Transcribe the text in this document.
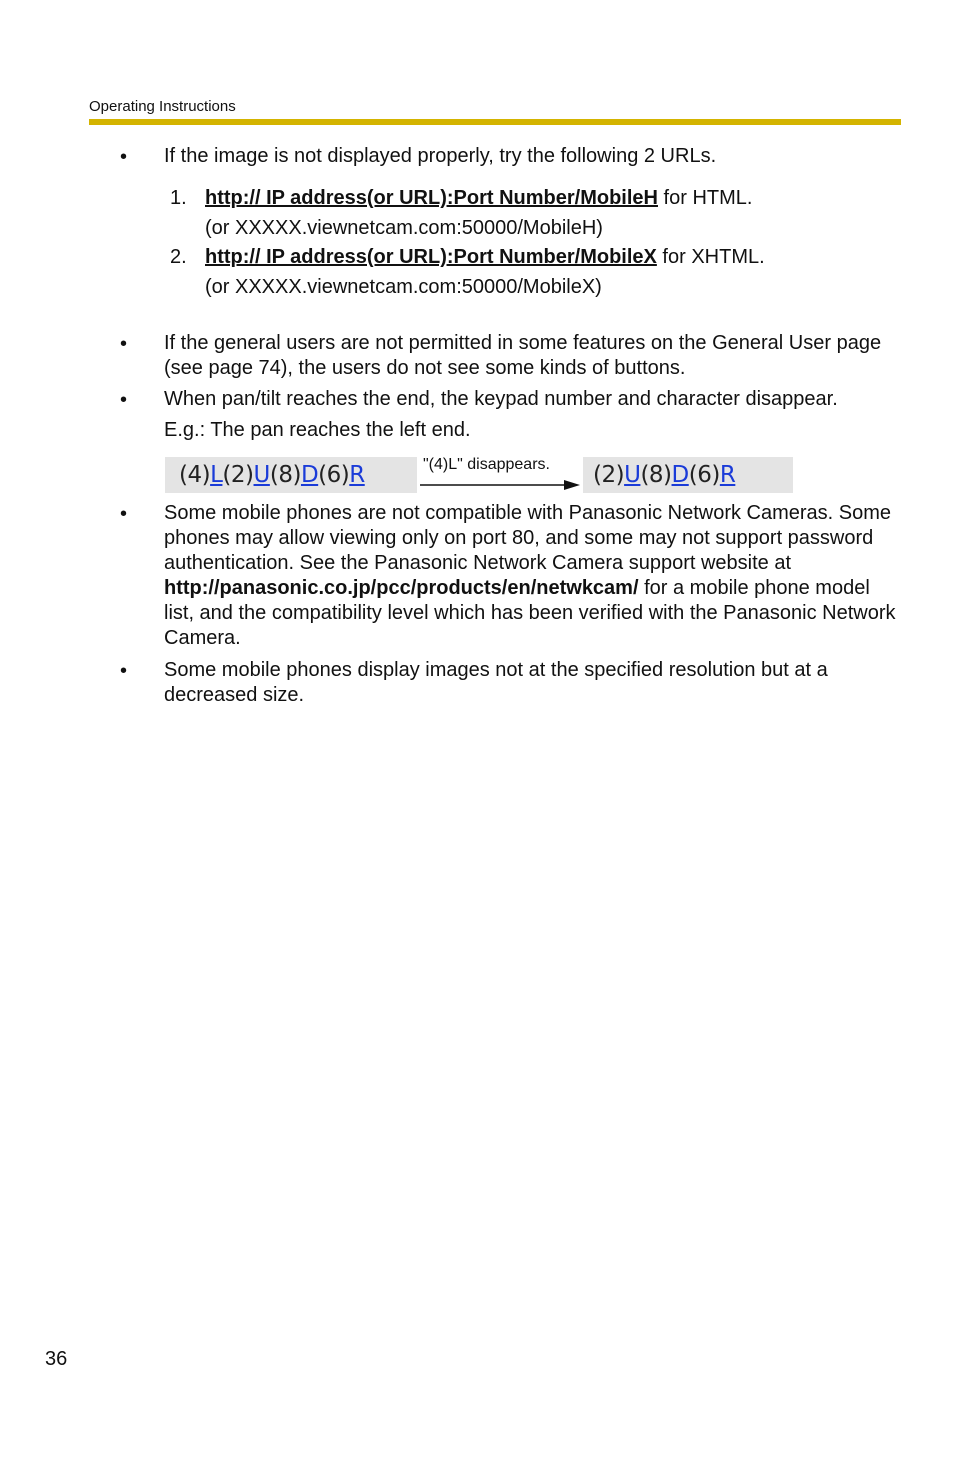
Operating Instructions
• If the image is not displayed properly, try the following 2 URLs.
1. http:// IP address(or URL):Port Number/MobileH for HTML.
(or XXXXX.viewnetcam.com:50000/MobileH)
2. http:// IP address(or URL):Port Number/MobileX for XHTML.
(or XXXXX.viewnetcam.com:50000/MobileX)
• If the general users are not permitted in some features on the General User page (see page 74), the users do not see some kinds of buttons.
• When pan/tilt reaches the end, the keypad number and character disappear.
E.g.: The pan reaches the left end.
(4)L(2)U(8)D(6)R	"(4)L" disappears.	(2)U(8)D(6)R
• Some mobile phones are not compatible with Panasonic Network Cameras. Some phones may allow viewing only on port 80, and some may not support password authentication. See the Panasonic Network Camera support website at http://panasonic.co.jp/pcc/products/en/netwkcam/ for a mobile phone model list, and the compatibility level which has been verified with the Panasonic Network Camera.
• Some mobile phones display images not at the specified resolution but at a decreased size.
36
